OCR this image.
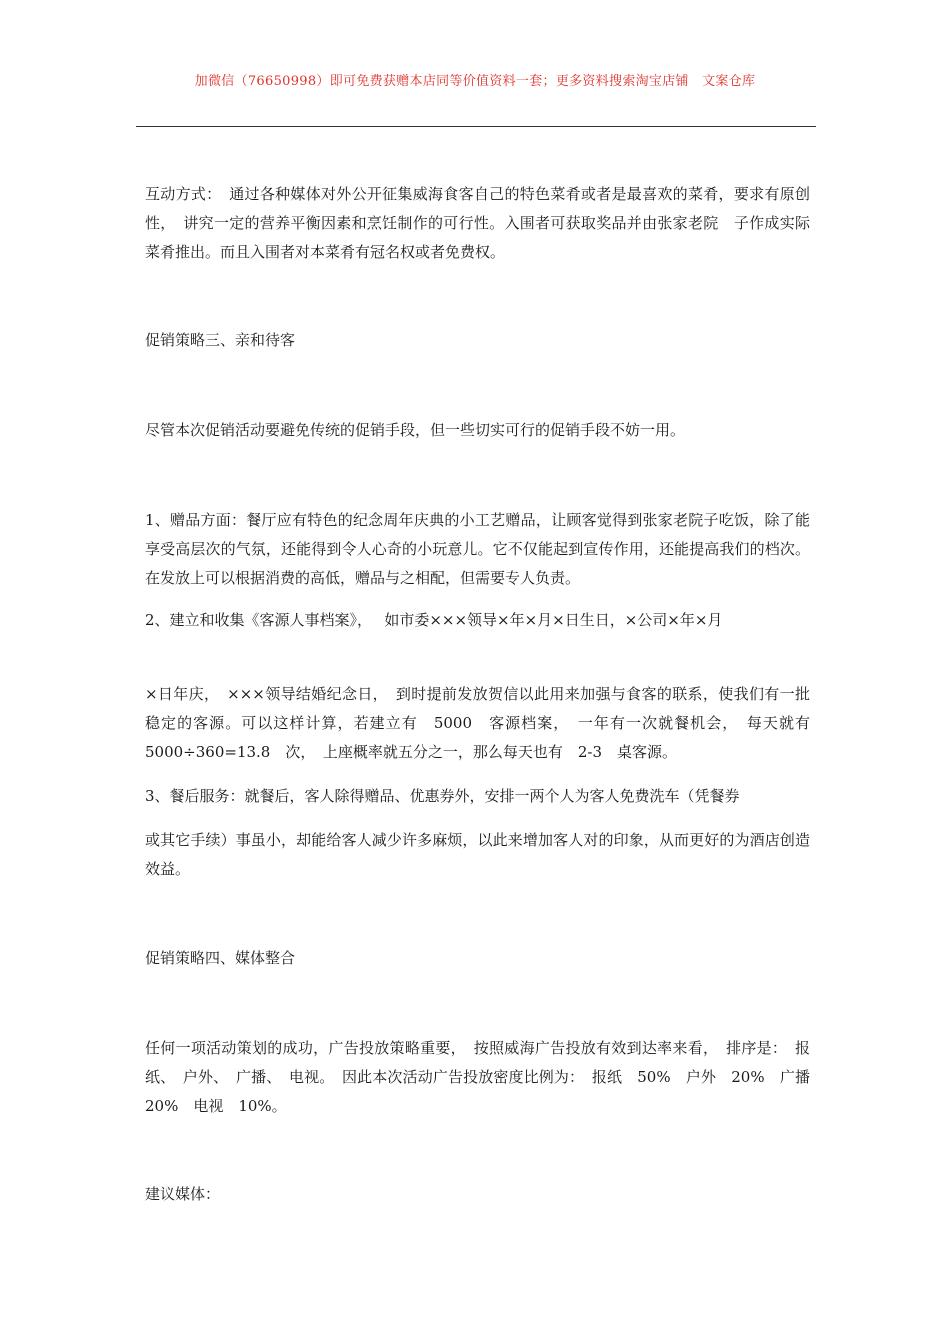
加微信（76650998）即可免费获赠本店同等价值资料一套；更多资料搜索淘宝店铺　文案仓库

互动方式：　通过各种媒体对外公开征集威海食客自己的特色菜肴或者是最喜欢的菜肴，要求有原创性，　讲究一定的营养平衡因素和烹饪制作的可行性。入围者可获取奖品并由张家老院　子作成实际菜肴推出。而且入围者对本菜肴有冠名权或者免费权。

促销策略三、亲和待客

尽管本次促销活动要避免传统的促销手段，但一些切实可行的促销手段不妨一用。

1、赠品方面：餐厅应有特色的纪念周年庆典的小工艺赠品，让顾客觉得到张家老院子吃饭，除了能享受高层次的气氛，还能得到令人心奇的小玩意儿。它不仅能起到宣传作用，还能提高我们的档次。在发放上可以根据消费的高低，赠品与之相配，但需要专人负责。

2、建立和收集《客源人事档案》，　 如市委×××领导×年×月×日生日，×公司×年×月

×日年庆，　×××领导结婚纪念日，　到时提前发放贺信以此用来加强与食客的联系，使我们有一批稳定的客源。可以这样计算，若建立有　5000　客源档案，　一年有一次就餐机会，　每天就有　5000÷360=13.8　次，　上座概率就五分之一，那么每天也有　2-3　桌客源。

3、餐后服务：就餐后，客人除得赠品、优惠券外，安排一两个人为客人免费洗车（凭餐券

或其它手续）事虽小，却能给客人减少许多麻烦，以此来增加客人对的印象，从而更好的为酒店创造效益。

促销策略四、媒体整合

任何一项活动策划的成功，广告投放策略重要，　按照威海广告投放有效到达率来看，　排序是：　报纸、　户外、　广播、　电视。　因此本次活动广告投放密度比例为：　报纸　50%　户外　20%　广播　20%　电视　10%。

建议媒体：
